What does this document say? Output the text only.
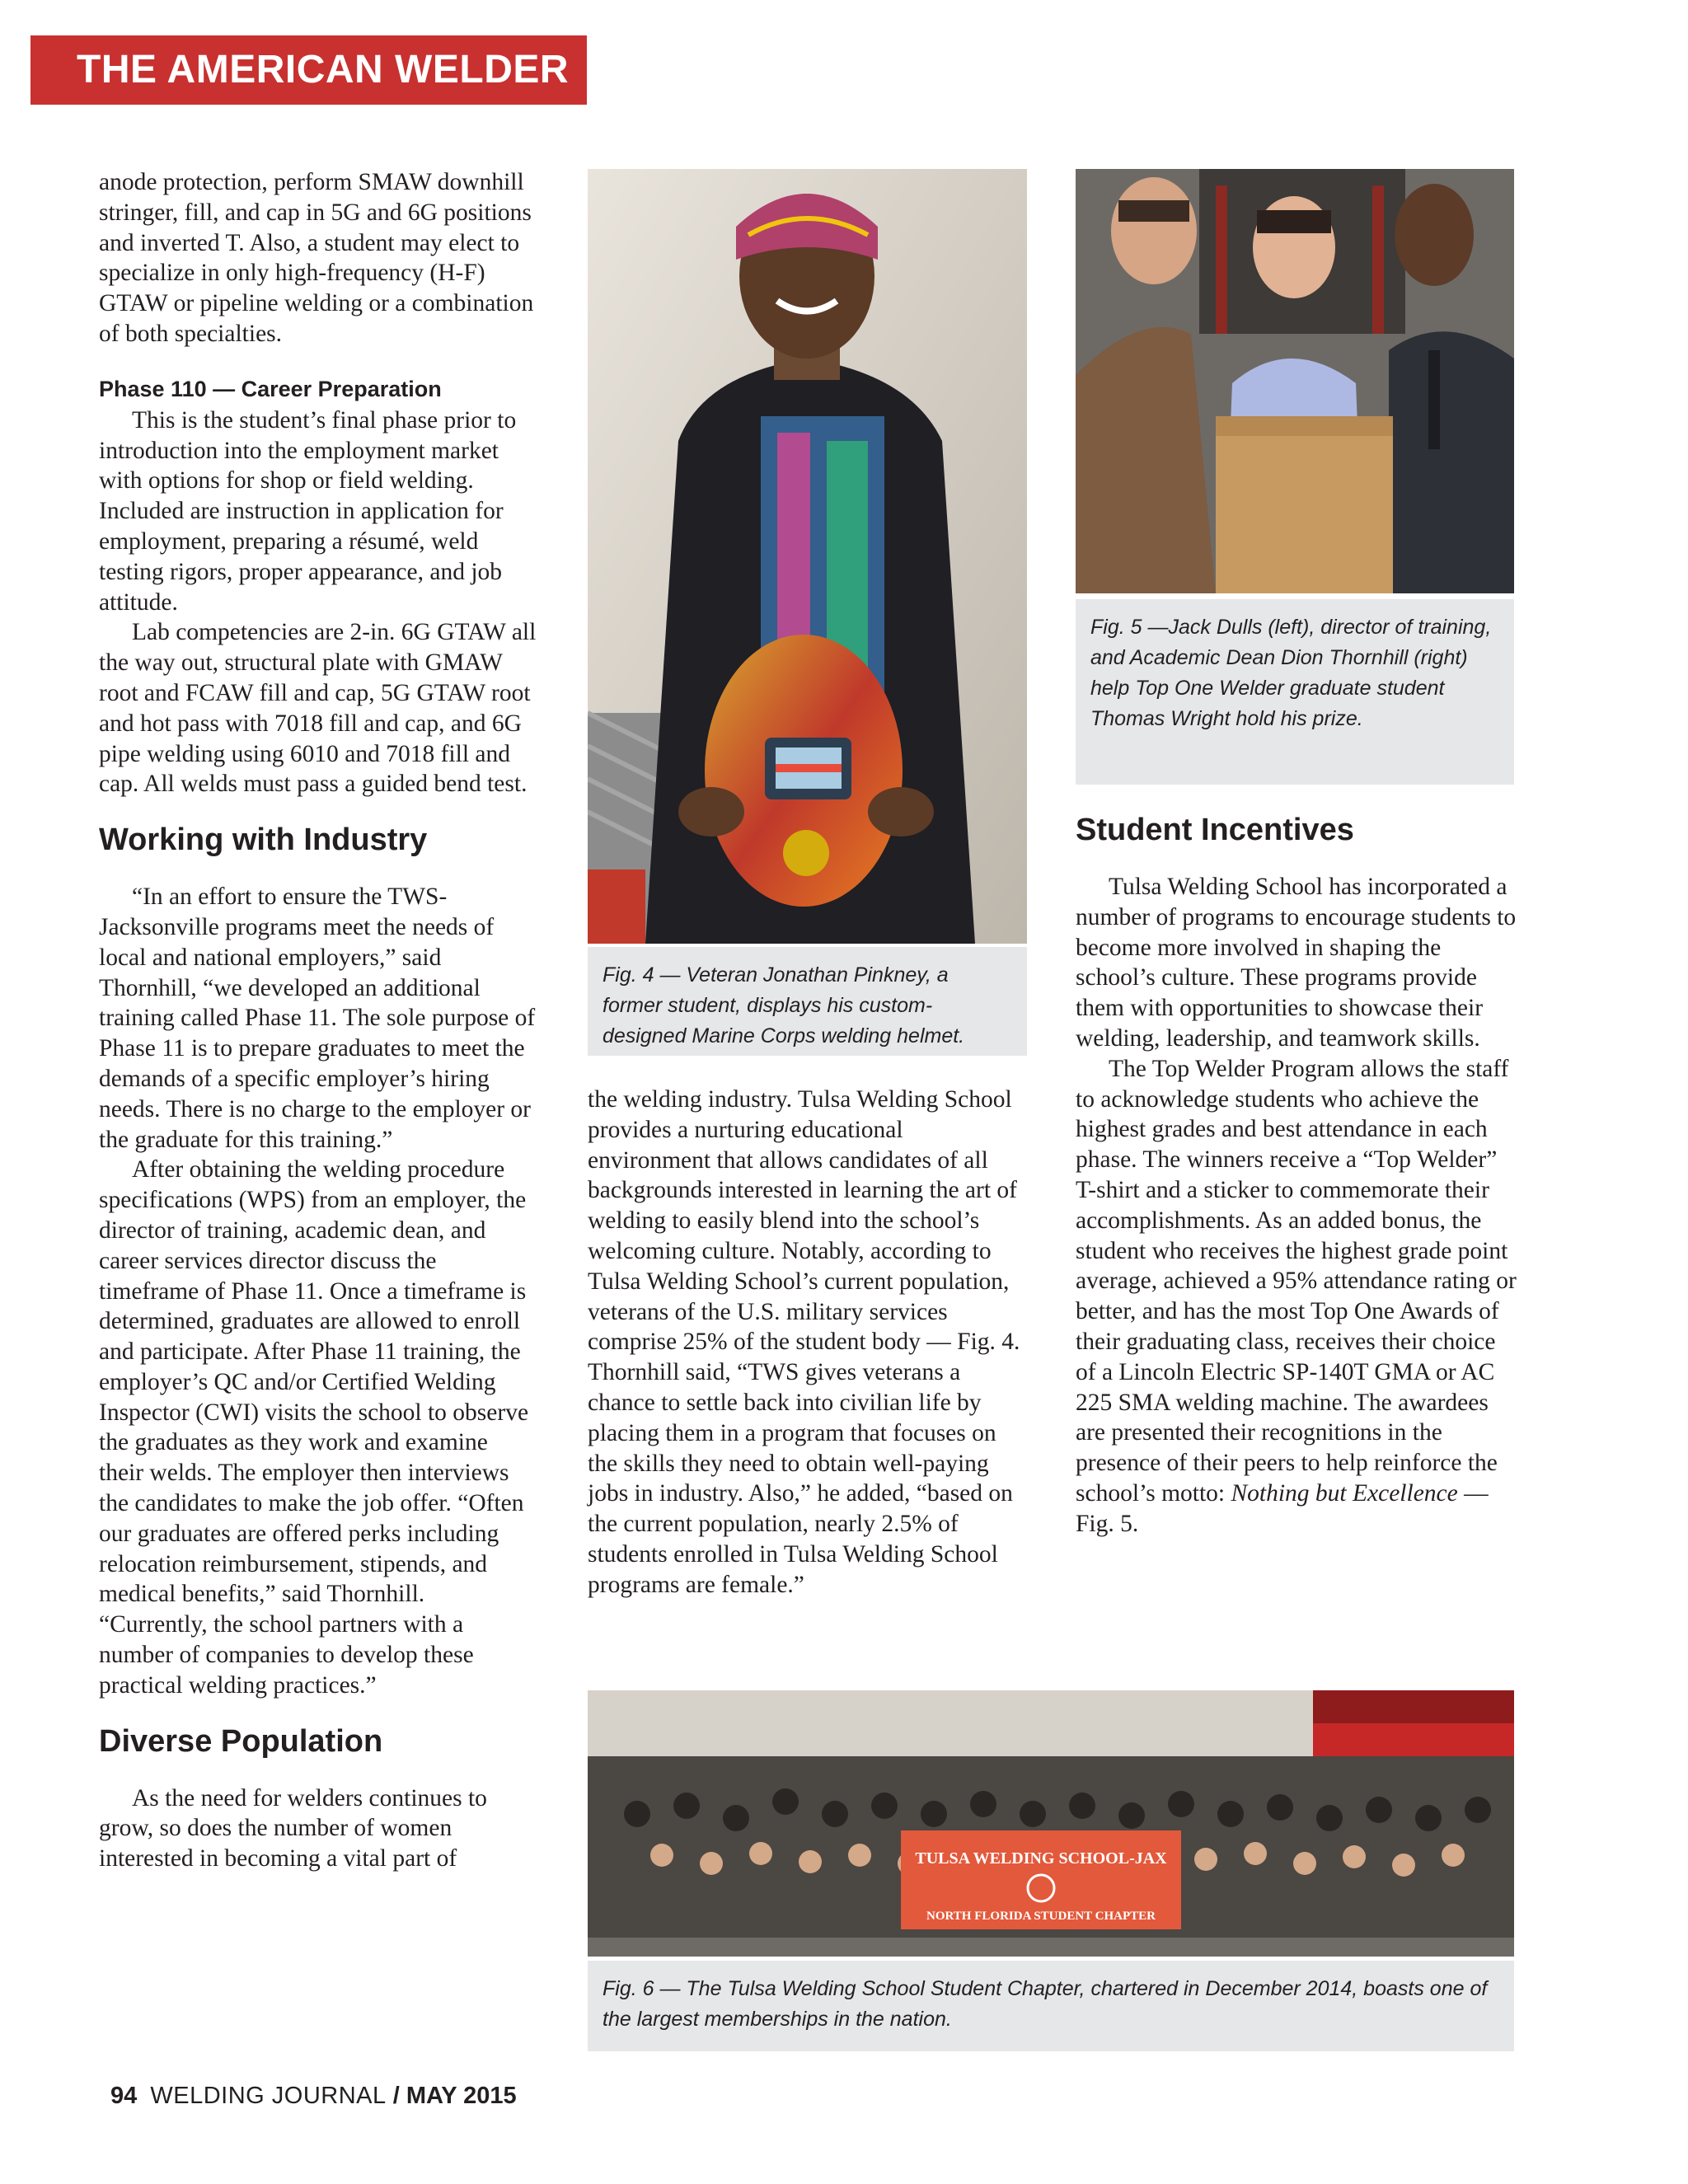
THE AMERICAN WELDER

anode protection, perform SMAW downhill stringer, fill, and cap in 5G and 6G positions and inverted T. Also, a student may elect to specialize in only high-frequency (H-F) GTAW or pipeline welding or a combination of both specialties.

Phase 110 — Career Preparation

This is the student’s final phase prior to introduction into the employment market with options for shop or field welding. Included are instruction in application for employment, preparing a résumé, weld testing rigors, proper appearance, and job attitude.

Lab competencies are 2-in. 6G GTAW all the way out, structural plate with GMAW root and FCAW fill and cap, 5G GTAW root and hot pass with 7018 fill and cap, and 6G pipe welding using 6010 and 7018 fill and cap. All welds must pass a guided bend test.

Working with Industry

“In an effort to ensure the TWS-Jacksonville programs meet the needs of local and national employers,” said Thornhill, “we developed an additional training called Phase 11. The sole purpose of Phase 11 is to prepare graduates to meet the demands of a specific employer’s hiring needs. There is no charge to the employer or the graduate for this training.”

After obtaining the welding procedure specifications (WPS) from an employer, the director of training, academic dean, and career services director discuss the timeframe of Phase 11. Once a timeframe is determined, graduates are allowed to enroll and participate. After Phase 11 training, the employer’s QC and/or Certified Welding Inspector (CWI) visits the school to observe the graduates as they work and examine their welds. The employer then interviews the candidates to make the job offer. “Often our graduates are offered perks including relocation reimbursement, stipends, and medical benefits,” said Thornhill. “Currently, the school partners with a number of companies to develop these practical welding practices.”

Diverse Population

As the need for welders continues to grow, so does the number of women interested in becoming a vital part of

Fig. 4 — Veteran Jonathan Pinkney, a former student, displays his custom-designed Marine Corps welding helmet.

the welding industry. Tulsa Welding School provides a nurturing educational environment that allows candidates of all backgrounds interested in learning the art of welding to easily blend into the school’s welcoming culture. Notably, according to Tulsa Welding School’s current population, veterans of the U.S. military services comprise 25% of the student body — Fig. 4. Thornhill said, “TWS gives veterans a chance to settle back into civilian life by placing them in a program that focuses on the skills they need to obtain well-paying jobs in industry. Also,” he added, “based on the current population, nearly 2.5% of students enrolled in Tulsa Welding School programs are female.”

Fig. 5 —Jack Dulls (left), director of training, and Academic Dean Dion Thornhill (right) help Top One Welder graduate student Thomas Wright hold his prize.
Student Incentives

Tulsa Welding School has incorporated a number of programs to encourage students to become more involved in shaping the school’s culture. These programs provide them with opportunities to showcase their welding, leadership, and teamwork skills.

The Top Welder Program allows the staff to acknowledge students who achieve the highest grades and best attendance in each phase. The winners receive a “Top Welder” T-shirt and a sticker to commemorate their accomplishments. As an added bonus, the student who receives the highest grade point average, achieved a 95% attendance rating or better, and has the most Top One Awards of their graduating class, receives their choice of a Lincoln Electric SP-140T GMA or AC 225 SMA welding machine. The awardees are presented their recognitions in the presence of their peers to help reinforce the school’s motto: Nothing but Excellence — Fig. 5.

TULSA WELDING SCHOOL-JAX
NORTH FLORIDA STUDENT CHAPTER
Fig. 6 — The Tulsa Welding School Student Chapter, chartered in December 2014, boasts one of the largest memberships in the nation.
94 WELDING JOURNAL / MAY 2015
